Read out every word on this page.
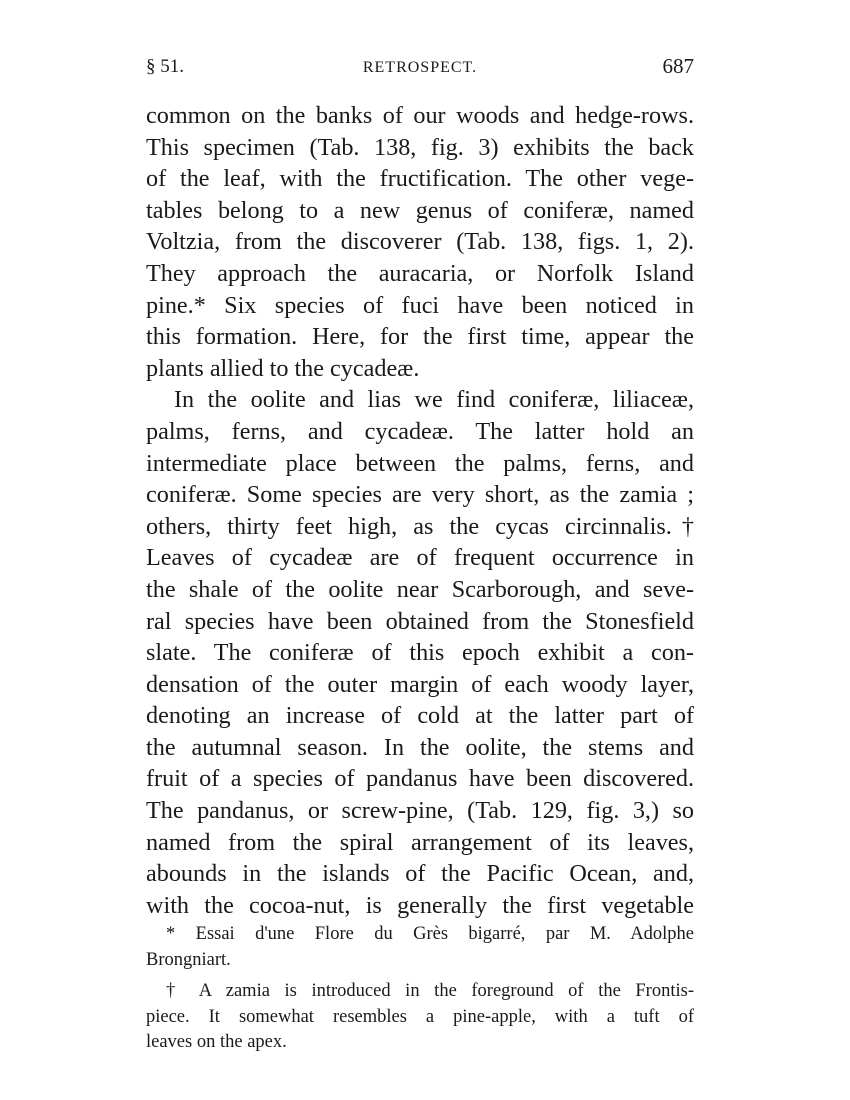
§ 51.	RETROSPECT.	687
common on the banks of our woods and hedge-rows.
This specimen (Tab. 138, fig. 3) exhibits the back
of the leaf, with the fructification. The other vege-
tables belong to a new genus of coniferæ, named
Voltzia, from the discoverer (Tab. 138, figs. 1, 2).
They approach the auracaria, or Norfolk Island
pine.* Six species of fuci have been noticed in
this formation. Here, for the first time, appear the
plants allied to the cycadeæ.
In the oolite and lias we find coniferæ, liliaceæ,
palms, ferns, and cycadeæ. The latter hold an
intermediate place between the palms, ferns, and
coniferæ. Some species are very short, as the zamia ;
others, thirty feet high, as the cycas circinnalis.†
Leaves of cycadeæ are of frequent occurrence in
the shale of the oolite near Scarborough, and seve-
ral species have been obtained from the Stonesfield
slate. The coniferæ of this epoch exhibit a con-
densation of the outer margin of each woody layer,
denoting an increase of cold at the latter part of
the autumnal season. In the oolite, the stems and
fruit of a species of pandanus have been discovered.
The pandanus, or screw-pine, (Tab. 129, fig. 3,) so
named from the spiral arrangement of its leaves,
abounds in the islands of the Pacific Ocean, and,
with the cocoa-nut, is generally the first vegetable
* Essai d'une Flore du Grès bigarré, par M. Adolphe
Brongniart.
† A zamia is introduced in the foreground of the Frontis-
piece. It somewhat resembles a pine-apple, with a tuft of
leaves on the apex.
